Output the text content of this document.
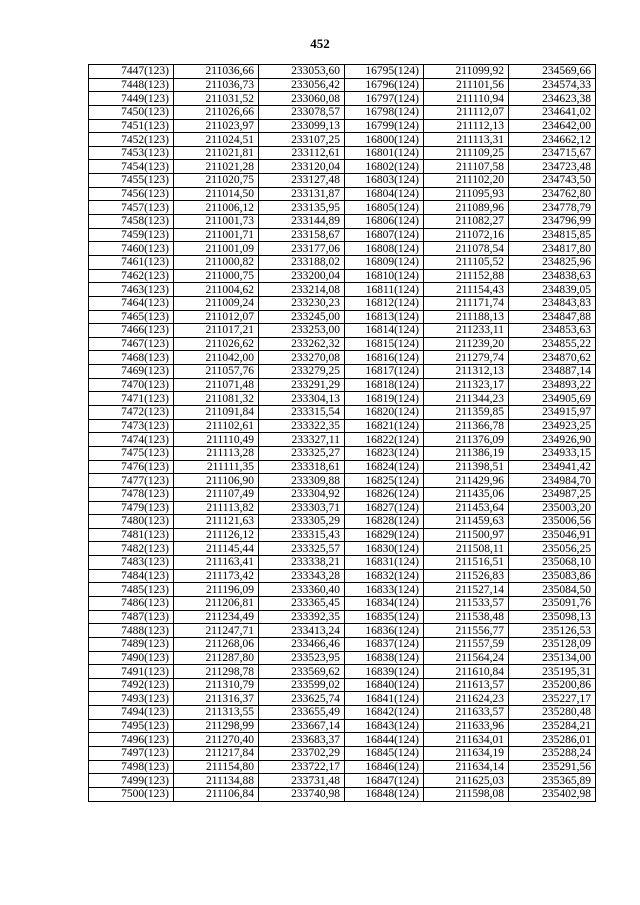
452
7447(123)	211036,66	233053,60	16795(124)	211099,92	234569,66
7448(123)	211036,73	233056,42	16796(124)	211101,56	234574,33
7449(123)	211031,52	233060,08	16797(124)	211110,94	234623,38
7450(123)	211026,66	233078,57	16798(124)	211112,07	234641,02
7451(123)	211023,97	233099,13	16799(124)	211112,13	234642,00
7452(123)	211024,51	233107,25	16800(124)	211113,31	234662,12
7453(123)	211021,81	233112,61	16801(124)	211109,25	234715,67
7454(123)	211021,28	233120,04	16802(124)	211107,58	234723,48
7455(123)	211020,75	233127,48	16803(124)	211102,20	234743,50
7456(123)	211014,50	233131,87	16804(124)	211095,93	234762,80
7457(123)	211006,12	233135,95	16805(124)	211089,96	234778,79
7458(123)	211001,73	233144,89	16806(124)	211082,27	234796,99
7459(123)	211001,71	233158,67	16807(124)	211072,16	234815,85
7460(123)	211001,09	233177,06	16808(124)	211078,54	234817,80
7461(123)	211000,82	233188,02	16809(124)	211105,52	234825,96
7462(123)	211000,75	233200,04	16810(124)	211152,88	234838,63
7463(123)	211004,62	233214,08	16811(124)	211154,43	234839,05
7464(123)	211009,24	233230,23	16812(124)	211171,74	234843,83
7465(123)	211012,07	233245,00	16813(124)	211188,13	234847,88
7466(123)	211017,21	233253,00	16814(124)	211233,11	234853,63
7467(123)	211026,62	233262,32	16815(124)	211239,20	234855,22
7468(123)	211042,00	233270,08	16816(124)	211279,74	234870,62
7469(123)	211057,76	233279,25	16817(124)	211312,13	234887,14
7470(123)	211071,48	233291,29	16818(124)	211323,17	234893,22
7471(123)	211081,32	233304,13	16819(124)	211344,23	234905,69
7472(123)	211091,84	233315,54	16820(124)	211359,85	234915,97
7473(123)	211102,61	233322,35	16821(124)	211366,78	234923,25
7474(123)	211110,49	233327,11	16822(124)	211376,09	234926,90
7475(123)	211113,28	233325,27	16823(124)	211386,19	234933,15
7476(123)	211111,35	233318,61	16824(124)	211398,51	234941,42
7477(123)	211106,90	233309,88	16825(124)	211429,96	234984,70
7478(123)	211107,49	233304,92	16826(124)	211435,06	234987,25
7479(123)	211113,82	233303,71	16827(124)	211453,64	235003,20
7480(123)	211121,63	233305,29	16828(124)	211459,63	235006,56
7481(123)	211126,12	233315,43	16829(124)	211500,97	235046,91
7482(123)	211145,44	233325,57	16830(124)	211508,11	235056,25
7483(123)	211163,41	233338,21	16831(124)	211516,51	235068,10
7484(123)	211173,42	233343,28	16832(124)	211526,83	235083,86
7485(123)	211196,09	233360,40	16833(124)	211527,14	235084,50
7486(123)	211206,81	233365,45	16834(124)	211533,57	235091,76
7487(123)	211234,49	233392,35	16835(124)	211538,48	235098,13
7488(123)	211247,71	233413,24	16836(124)	211556,77	235126,53
7489(123)	211268,06	233466,46	16837(124)	211557,59	235128,09
7490(123)	211287,80	233523,95	16838(124)	211564,24	235134,00
7491(123)	211298,78	233569,62	16839(124)	211610,84	235195,31
7492(123)	211310,79	233599,02	16840(124)	211613,57	235200,86
7493(123)	211316,37	233625,74	16841(124)	211624,23	235227,17
7494(123)	211313,55	233655,49	16842(124)	211633,57	235280,48
7495(123)	211298,99	233667,14	16843(124)	211633,96	235284,21
7496(123)	211270,40	233683,37	16844(124)	211634,01	235286,01
7497(123)	211217,84	233702,29	16845(124)	211634,19	235288,24
7498(123)	211154,80	233722,17	16846(124)	211634,14	235291,56
7499(123)	211134,88	233731,48	16847(124)	211625,03	235365,89
7500(123)	211106,84	233740,98	16848(124)	211598,08	235402,98
